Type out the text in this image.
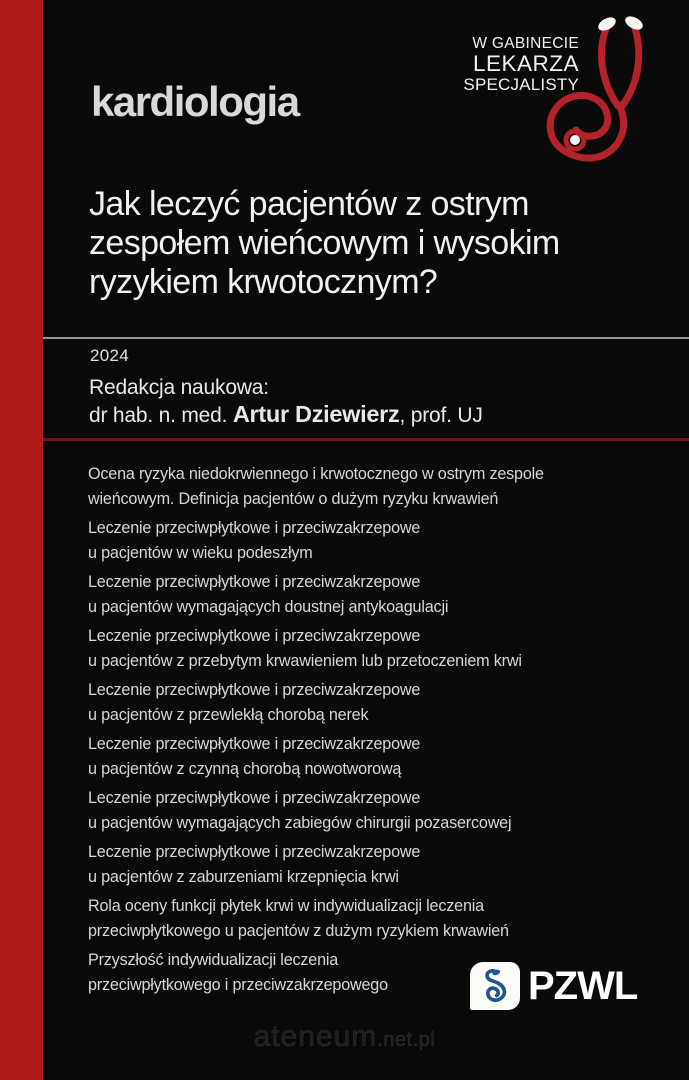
kardiologia
W GABINECIE
LEKARZA
SPECJALISTY
Jak leczyć pacjentów z ostrym
zespołem wieńcowym i wysokim
ryzykiem krwotocznym?
2024
Redakcja naukowa:
dr hab. n. med. Artur Dziewierz, prof. UJ
Ocena ryzyka niedokrwiennego i krwotocznego w ostrym zespole
wieńcowym. Definicja pacjentów o dużym ryzyku krwawień
Leczenie przeciwpłytkowe i przeciwzakrzepowe
u pacjentów w wieku podeszłym
Leczenie przeciwpłytkowe i przeciwzakrzepowe
u pacjentów wymagających doustnej antykoagulacji
Leczenie przeciwpłytkowe i przeciwzakrzepowe
u pacjentów z przebytym krwawieniem lub przetoczeniem krwi
Leczenie przeciwpłytkowe i przeciwzakrzepowe
u pacjentów z przewlekłą chorobą nerek
Leczenie przeciwpłytkowe i przeciwzakrzepowe
u pacjentów z czynną chorobą nowotworową
Leczenie przeciwpłytkowe i przeciwzakrzepowe
u pacjentów wymagających zabiegów chirurgii pozasercowej
Leczenie przeciwpłytkowe i przeciwzakrzepowe
u pacjentów z zaburzeniami krzepnięcia krwi
Rola oceny funkcji płytek krwi w indywidualizacji leczenia
przeciwpłytkowego u pacjentów z dużym ryzykiem krwawień
Przyszłość indywidualizacji leczenia
przeciwpłytkowego i przeciwzakrzepowego	PZWL
ateneum.net.pl
